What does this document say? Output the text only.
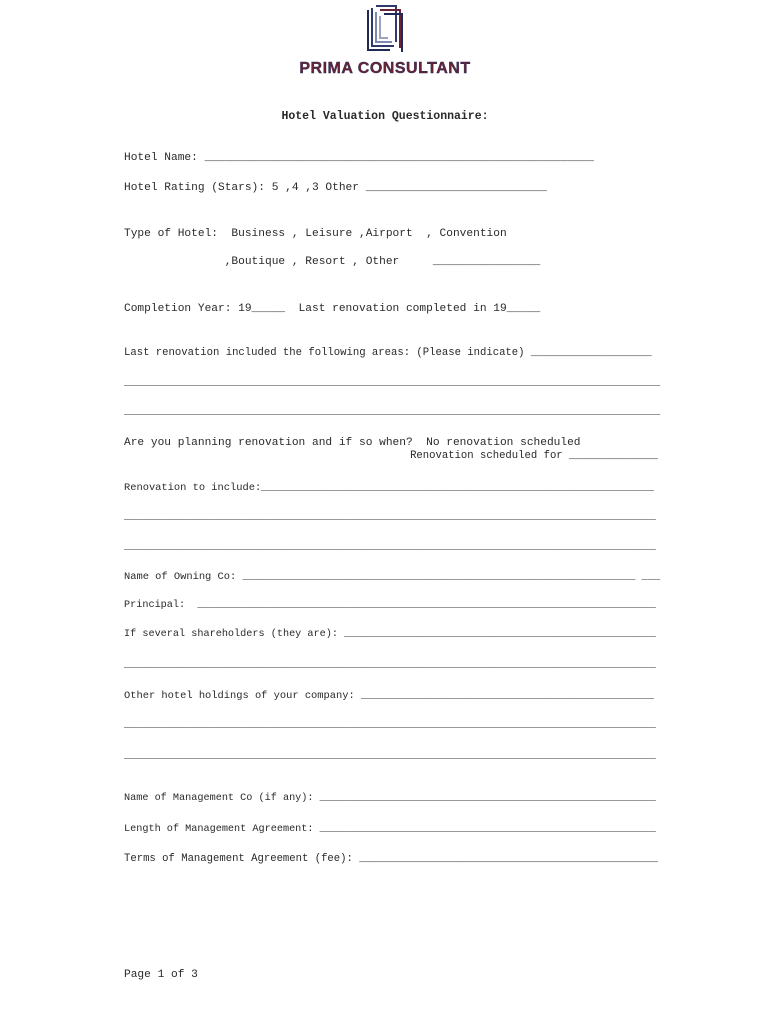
PRIMA CONSULTANT
Hotel Valuation Questionnaire:
Hotel Name: __________________________________________________________
Hotel Rating (Stars): 5 ,4 ,3 Other ___________________________
Type of Hotel:  Business , Leisure ,Airport  , Convention
,Boutique , Resort , Other     ________________
Completion Year: 19_____  Last renovation completed in 19_____
Last renovation included the following areas: (Please indicate) ___________________
______________________________________________________________________________________
______________________________________________________________________________________
Are you planning renovation and if so when?  No renovation scheduled
Renovation scheduled for ______________
Renovation to include:_______________________________________________________________
_______________________________________________________________________________________
_______________________________________________________________________________________
Name of Owning Co: _______________________________________________________________ ___
Principal:  ___________________________________________________________________________
If several shareholders (they are): ___________________________________________________
_______________________________________________________________________________________
Other hotel holdings of your company: _______________________________________________
_______________________________________________________________________________________
_______________________________________________________________________________________
Name of Management Co (if any): _______________________________________________________
Length of Management Agreement: _______________________________________________________
Terms of Management Agreement (fee): _______________________________________________
Page 1 of 3
